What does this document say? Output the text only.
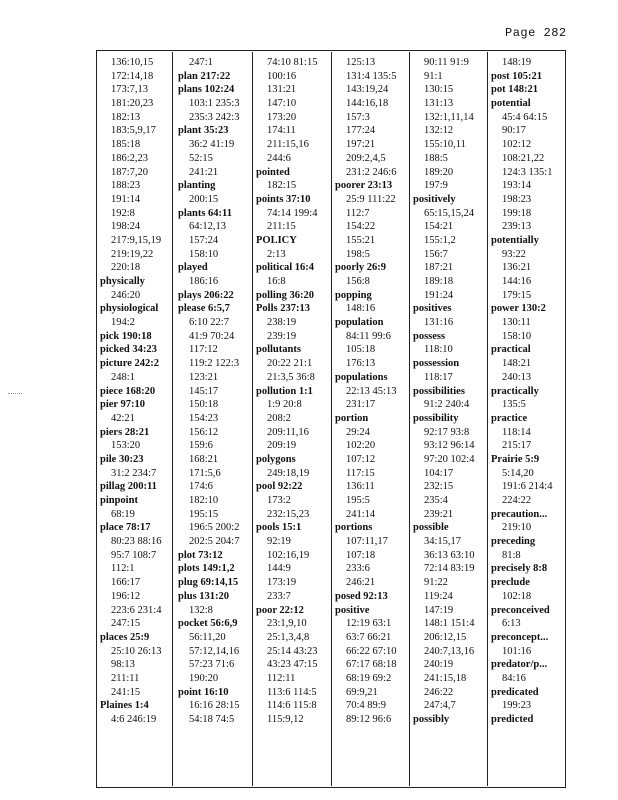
Page 282
136:10,15
172:14,18
173:7,13
181:20,23
182:13
183:5,9,17
185:18
186:2,23
187:7,20
188:23
191:14
192:8
198:24
217:9,15,19
219:19,22
220:18
physically
246:20
physiological
194:2
pick 190:18
picked 34:23
picture 242:2
248:1
piece 168:20
pier 97:10
42:21
piers 28:21
153:20
pile 30:23
31:2 234:7
pillag 200:11
pinpoint
68:19
place 78:17
80:23 88:16
95:7 108:7
112:1
166:17
196:12
223:6 231:4
247:15
places 25:9
25:10 26:13
98:13
211:11
241:15
Plaines 1:4
4:6 246:19
247:1
plan 217:22
plans 102:24
103:1 235:3
235:3 242:3
plant 35:23
36:2 41:19
52:15
241:21
planting
200:15
plants 64:11
64:12,13
157:24
158:10
played
186:16
plays 206:22
please 6:5,7
6:10 22:7
41:9 70:24
117:12
119:2 122:3
123:21
145:17
150:18
154:23
156:12
159:6
168:21
171:5,6
174:6
182:10
195:15
196:5 200:2
202:5 204:7
plot 73:12
plots 149:1,2
plug 69:14,15
plus 131:20
132:8
pocket 56:6,9
56:11,20
57:12,14,16
57:23 71:6
190:20
point 16:10
16:16 28:15
54:18 74:5
74:10 81:15
100:16
131:21
147:10
173:20
174:11
211:15,16
244:6
pointed
182:15
points 37:10
74:14 199:4
211:15
POLICY
2:13
political 16:4
16:8
polling 36:20
Polls 237:13
238:19
239:19
pollutants
20:22 21:1
21:3,5 36:8
pollution 1:1
1:9 20:8
208:2
209:11,16
209:19
polygons
249:18,19
pool 92:22
173:2
232:15,23
pools 15:1
92:19
102:16,19
144:9
173:19
233:7
poor 22:12
23:1,9,10
25:1,3,4,8
25:14 43:23
43:23 47:15
112:11
113:6 114:5
114:6 115:8
115:9,12
125:13
131:4 135:5
143:19,24
144:16,18
157:3
177:24
197:21
209:2,4,5
231:2 246:6
poorer 23:13
25:9 111:22
112:7
154:22
155:21
198:5
poorly 26:9
156:8
popping
148:16
population
84:11 99:6
105:18
176:13
populations
22:13 45:13
231:17
portion
29:24
102:20
107:12
117:15
136:11
195:5
241:14
portions
107:11,17
107:18
233:6
246:21
posed 92:13
positive
12:19 63:1
63:7 66:21
66:22 67:10
67:17 68:18
68:19 69:2
69:9,21
70:4 89:9
89:12 96:6
90:11 91:9
91:1
130:15
131:13
132:1,11,14
132:12
155:10,11
188:5
189:20
197:9
positively
65:15,15,24
154:21
155:1,2
156:7
187:21
189:18
191:24
positives
131:16
possess
118:10
possession
118:17
possibilities
91:2 240:4
possibility
92:17 93:8
93:12 96:14
97:20 102:4
104:17
232:15
235:4
239:21
possible
34:15,17
36:13 63:10
72:14 83:19
91:22
119:24
147:19
148:1 151:4
206:12,15
240:7,13,16
240:19
241:15,18
246:22
247:4,7
possibly
148:19
post 105:21
pot 148:21
potential
45:4 64:15
90:17
102:12
108:21,22
124:3 135:1
193:14
198:23
199:18
239:13
potentially
93:22
136:21
144:16
179:15
power 130:2
130:11
158:10
practical
148:21
240:13
practically
135:5
practice
118:14
215:17
Prairie 5:9
5:14,20
191:6 214:4
224:22
precaution...
219:10
preceding
81:8
precisely 8:8
preclude
102:18
preconceived
6:13
preconcept...
101:16
predator/p...
84:16
predicated
199:23
predicted
